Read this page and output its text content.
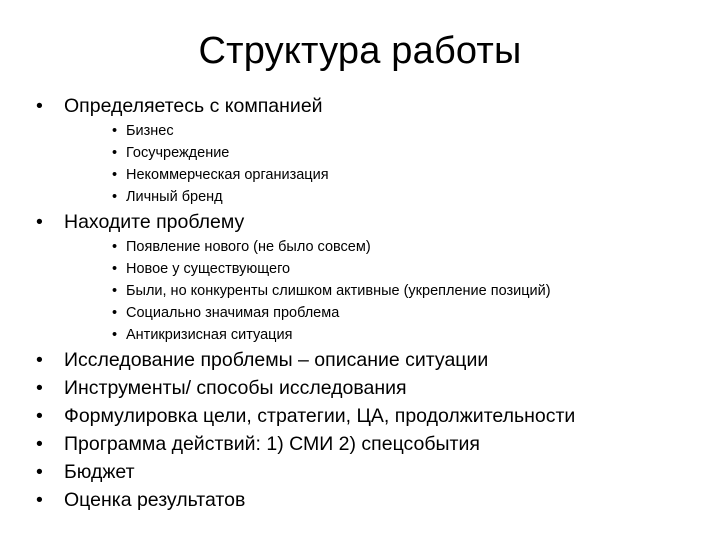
Структура работы
•	Определяетесь с компанией
• Бизнес
• Госучреждение
• Некоммерческая организация
• Личный бренд
•	Находите проблему
• Появление нового (не было совсем)
• Новое у существующего
• Были, но конкуренты слишком активные (укрепление позиций)
• Социально значимая проблема
• Антикризисная ситуация
•	Исследование проблемы – описание ситуации
•	Инструменты/ способы исследования
•	Формулировка цели, стратегии, ЦА, продолжительности
•	Программа действий: 1) СМИ 2) спецсобытия
•	Бюджет
•	Оценка результатов
